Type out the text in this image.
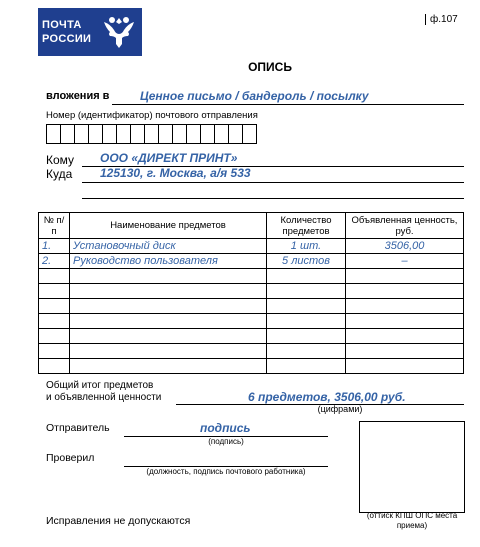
ПОЧТА
РОССИИ
ф.107
ОПИСЬ
вложения в	Ценное письмо / бандероль / посылку
Номер (идентификатор) почтового отправления
Кому ООО «ДИРЕКТ ПРИНТ»
Куда 125130, г. Москва, а/я 533
№ п/п	Наименование предметов	Количество предметов	Объявленная ценность, руб.
1.	Установочный диск	1 шт.	3506,00
2.	Руководство пользователя	5 листов	–

Общий итог предметов
и объявленной ценности	6 предметов, 3506,00 руб.
(цифрами)
Отправитель	подпись
(подпись)
Проверил
(должность, подпись почтового работника)
(оттиск КПШ ОПС места приема)
Исправления не допускаются
